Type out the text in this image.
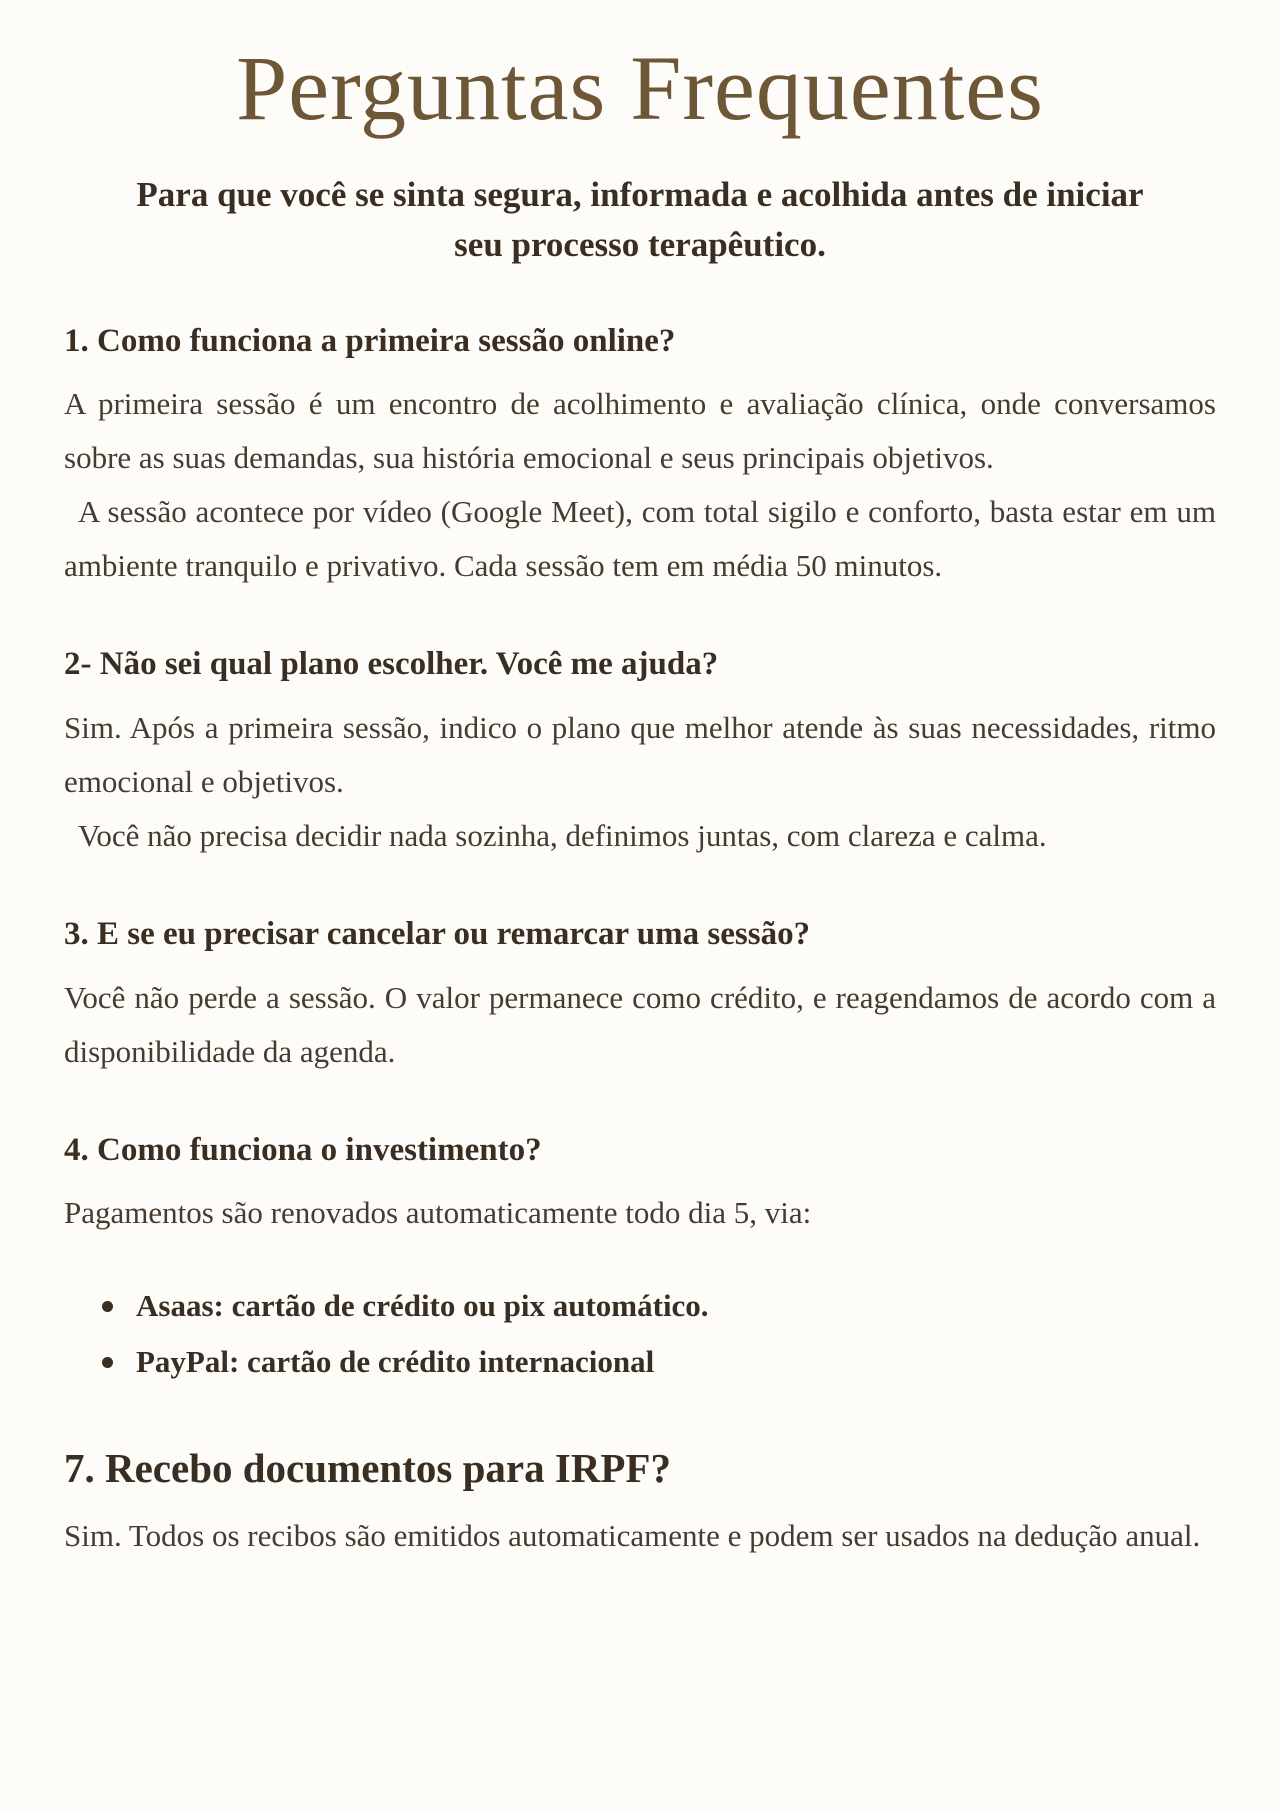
Perguntas Frequentes

Para que você se sinta segura, informada e acolhida antes de iniciar seu processo terapêutico.

1. Como funciona a primeira sessão online?

A primeira sessão é um encontro de acolhimento e avaliação clínica, onde conversamos sobre as suas demandas, sua história emocional e seus principais objetivos.

A sessão acontece por vídeo (Google Meet), com total sigilo e conforto, basta estar em um ambiente tranquilo e privativo. Cada sessão tem em média 50 minutos.

2- Não sei qual plano escolher. Você me ajuda?

Sim. Após a primeira sessão, indico o plano que melhor atende às suas necessidades, ritmo emocional e objetivos.

Você não precisa decidir nada sozinha, definimos juntas, com clareza e calma.

3. E se eu precisar cancelar ou remarcar uma sessão?

Você não perde a sessão. O valor permanece como crédito, e reagendamos de acordo com a disponibilidade da agenda.

4. Como funciona o investimento?

Pagamentos são renovados automaticamente todo dia 5, via:

Asaas: cartão de crédito ou pix automático.
PayPal: cartão de crédito internacional
7. Recebo documentos para IRPF?

Sim. Todos os recibos são emitidos automaticamente e podem ser usados na dedução anual.
